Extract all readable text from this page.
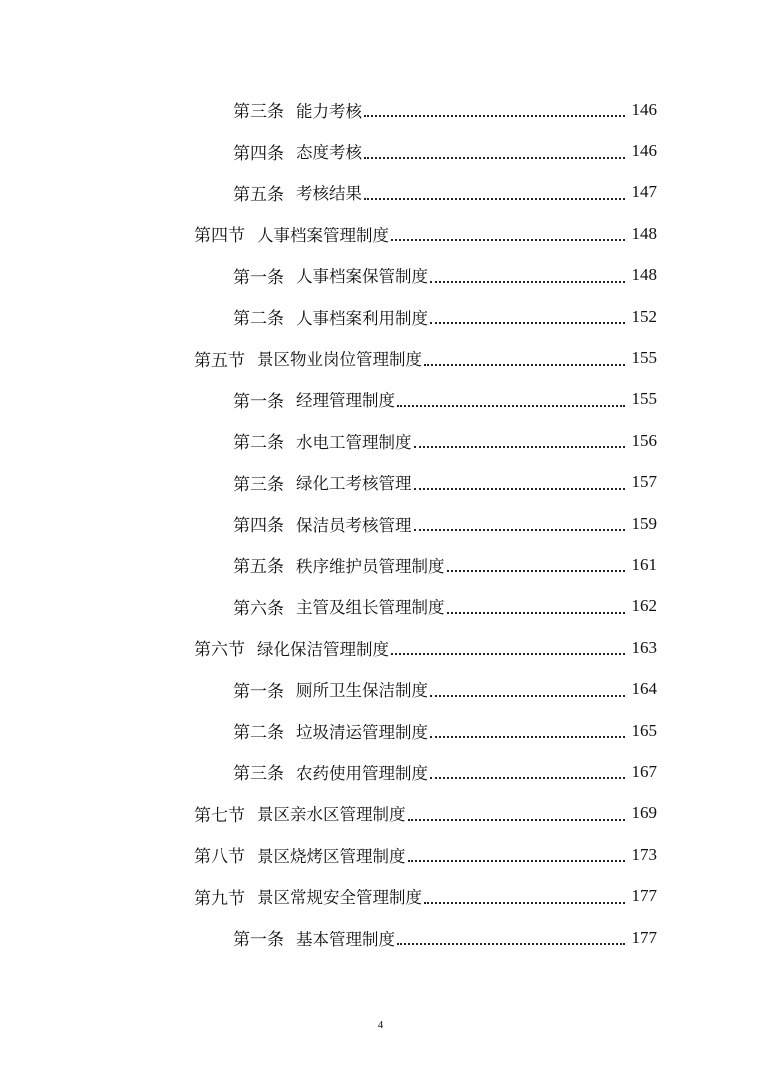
第三条 能力考核	146
第四条 态度考核	146
第五条 考核结果	147
第四节 人事档案管理制度	148
第一条 人事档案保管制度	148
第二条 人事档案利用制度	152
第五节 景区物业岗位管理制度	155
第一条 经理管理制度	155
第二条 水电工管理制度	156
第三条 绿化工考核管理	157
第四条 保洁员考核管理	159
第五条 秩序维护员管理制度	161
第六条 主管及组长管理制度	162
第六节 绿化保洁管理制度	163
第一条 厕所卫生保洁制度	164
第二条 垃圾清运管理制度	165
第三条 农药使用管理制度	167
第七节 景区亲水区管理制度	169
第八节 景区烧烤区管理制度	173
第九节 景区常规安全管理制度	177
第一条 基本管理制度	177
4
